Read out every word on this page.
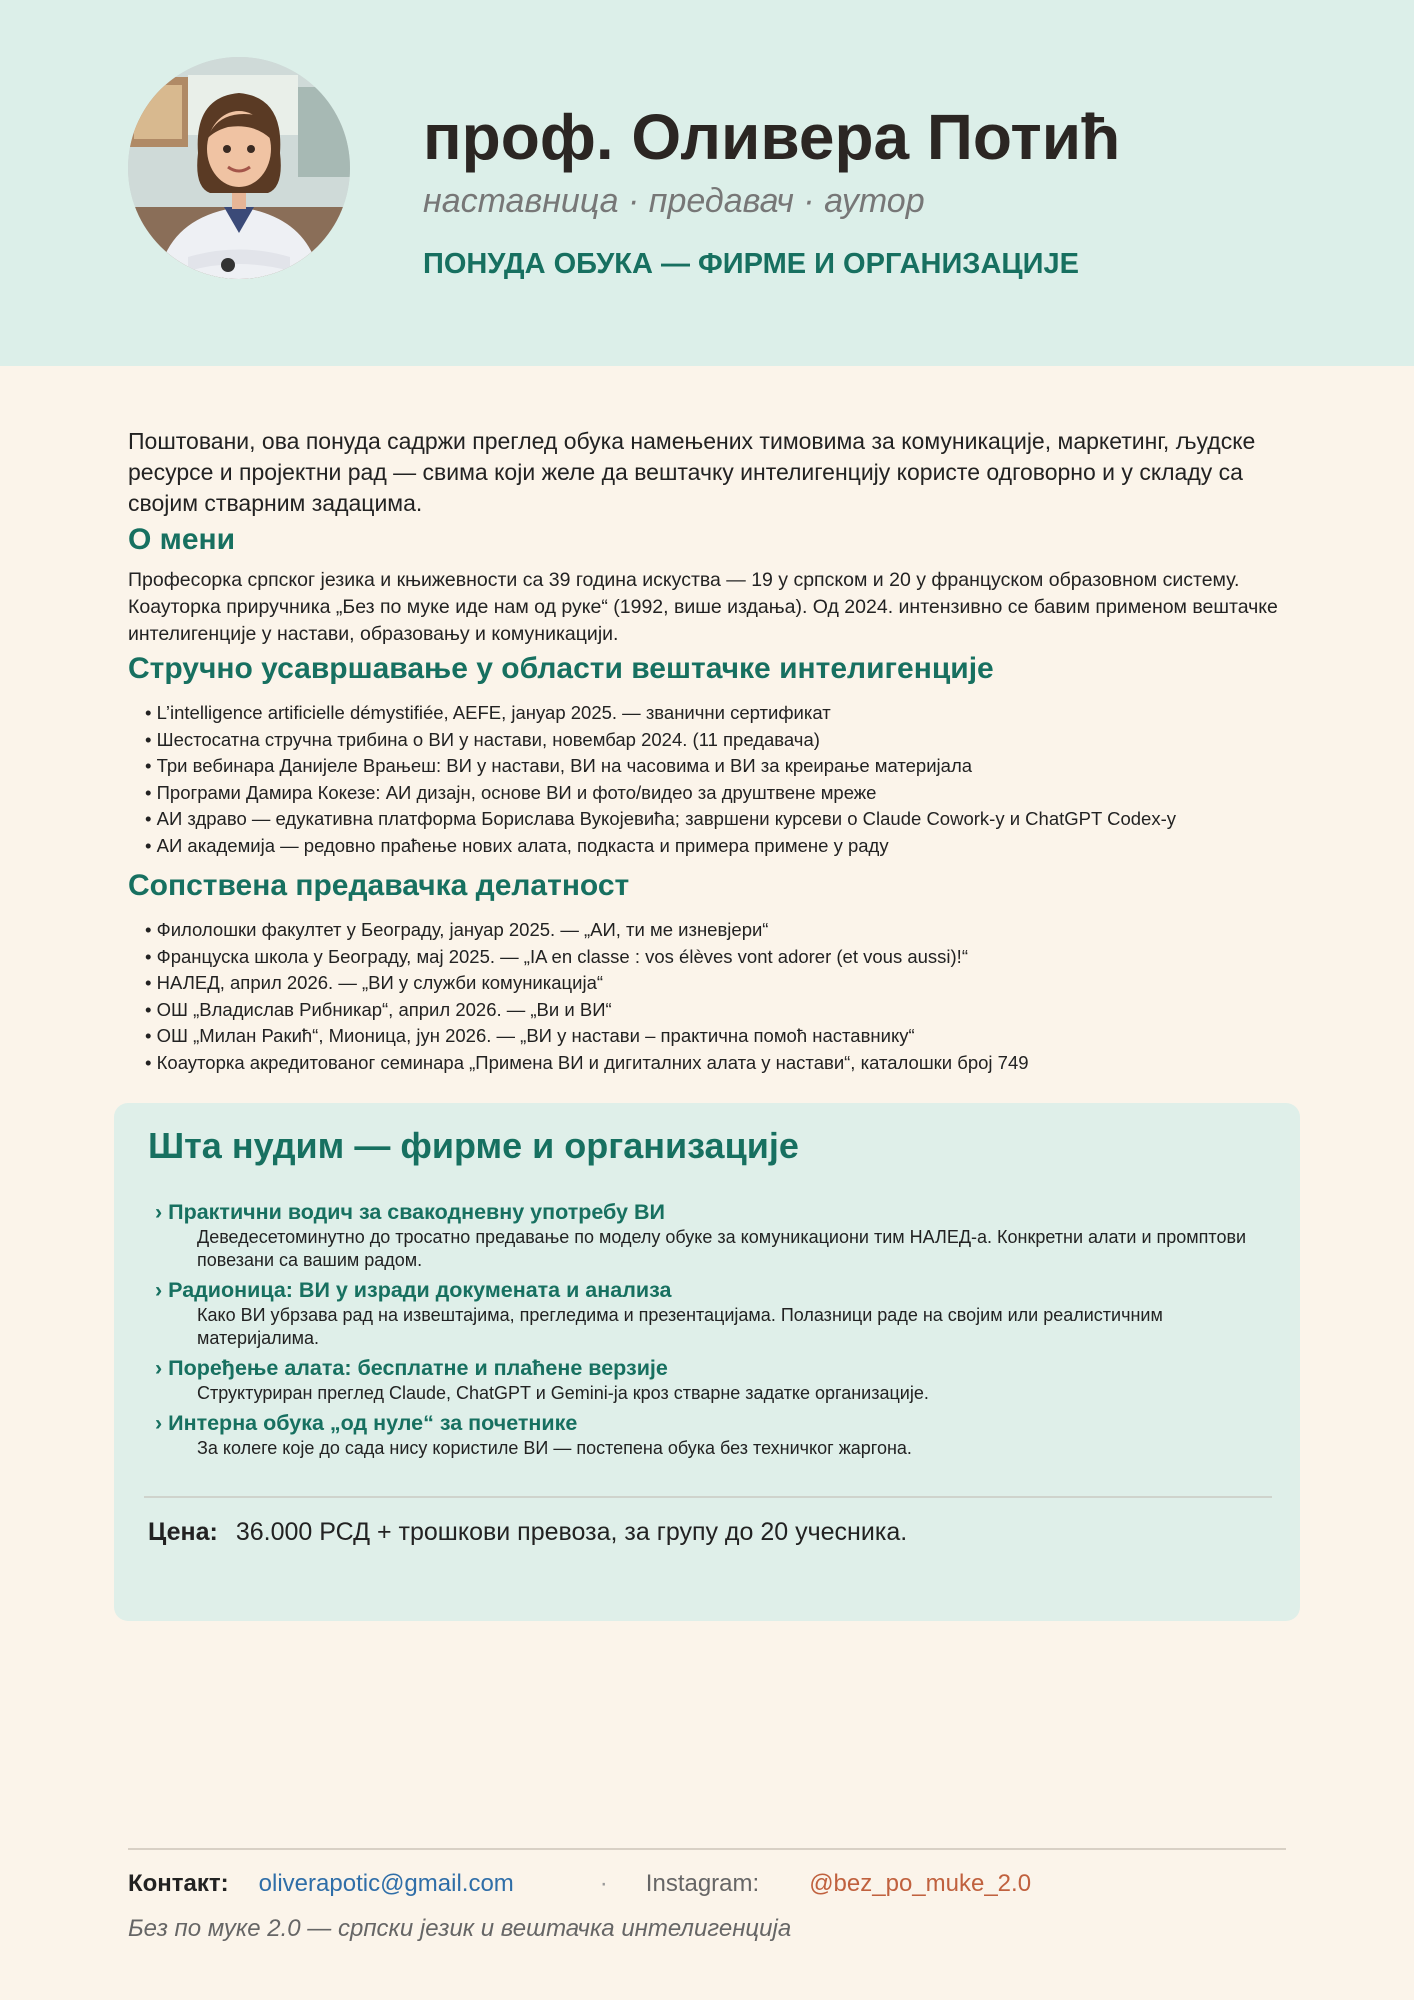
проф. Оливера Потић
наставница · предавач · аутор
ПОНУДА ОБУКА — ФИРМЕ И ОРГАНИЗАЦИЈЕ

Поштовани, ова понуда садржи преглед обука намењених тимовима за комуникације, маркетинг, људске ресурсе и пројектни рад — свима који желе да вештачку интелигенцију користе одговорно и у складу са својим стварним задацима.

О мени

Професорка српског језика и књижевности са 39 година искуства — 19 у српском и 20 у француском образовном систему. Коауторка приручника „Без по муке иде нам од руке“ (1992, више издања). Од 2024. интензивно се бавим применом вештачке интелигенције у настави, образовању и комуникацији.

Стручно усавршавање у области вештачке интелигенције
• L’intelligence artificielle démystifiée, AEFE, јануар 2025. — званични сертификат
• Шестосатна стручна трибина о ВИ у настави, новембар 2024. (11 предавача)
• Три вебинара Данијеле Врањеш: ВИ у настави, ВИ на часовима и ВИ за креирање материјала
• Програми Дамира Кокезе: АИ дизајн, основе ВИ и фото/видео за друштвене мреже
• АИ здраво — едукативна платформа Борислава Вукојевића; завршени курсеви о Claude Cowork-у и ChatGPT Codex-у
• АИ академија — редовно праћење нових алата, подкаста и примера примене у раду
Сопствена предавачка делатност
• Филолошки факултет у Београду, јануар 2025. — „АИ, ти ме изневјери“
• Француска школа у Београду, мај 2025. — „IA en classe : vos élèves vont adorer (et vous aussi)!“
• НАЛЕД, април 2026. — „ВИ у служби комуникација“
• ОШ „Владислав Рибникар“, април 2026. — „Ви и ВИ“
• ОШ „Милан Ракић“, Мионица, јун 2026. — „ВИ у настави – практична помоћ наставнику“
• Коауторка акредитованог семинара „Примена ВИ и дигиталних алата у настави“, каталошки број 749
Шта нудим — фирме и организације
› Практични водич за свакодневну употребу ВИ
Деведесетоминутно до тросатно предавање по моделу обуке за комуникациони тим НАЛЕД-а. Конкретни алати и промптови повезани са вашим радом.
› Радионица: ВИ у изради докумената и анализа
Како ВИ убрзава рад на извештајима, прегледима и презентацијама. Полазници раде на својим или реалистичним материјалима.
› Поређење алата: бесплатне и плаћене верзије
Структуриран преглед Claude, ChatGPT и Gemini-ја кроз стварне задатке организације.
› Интерна обука „од нуле“ за почетнике
За колеге које до сада нису користиле ВИ — постепена обука без техничког жаргона.
Цена: 36.000 РСД + трошкови превоза, за групу до 20 учесника.
Контакт: oliverapotic@gmail.com	· Instagram: @bez_po_muke_2.0
Без по муке 2.0 — српски језик и вештачка интелигенција
